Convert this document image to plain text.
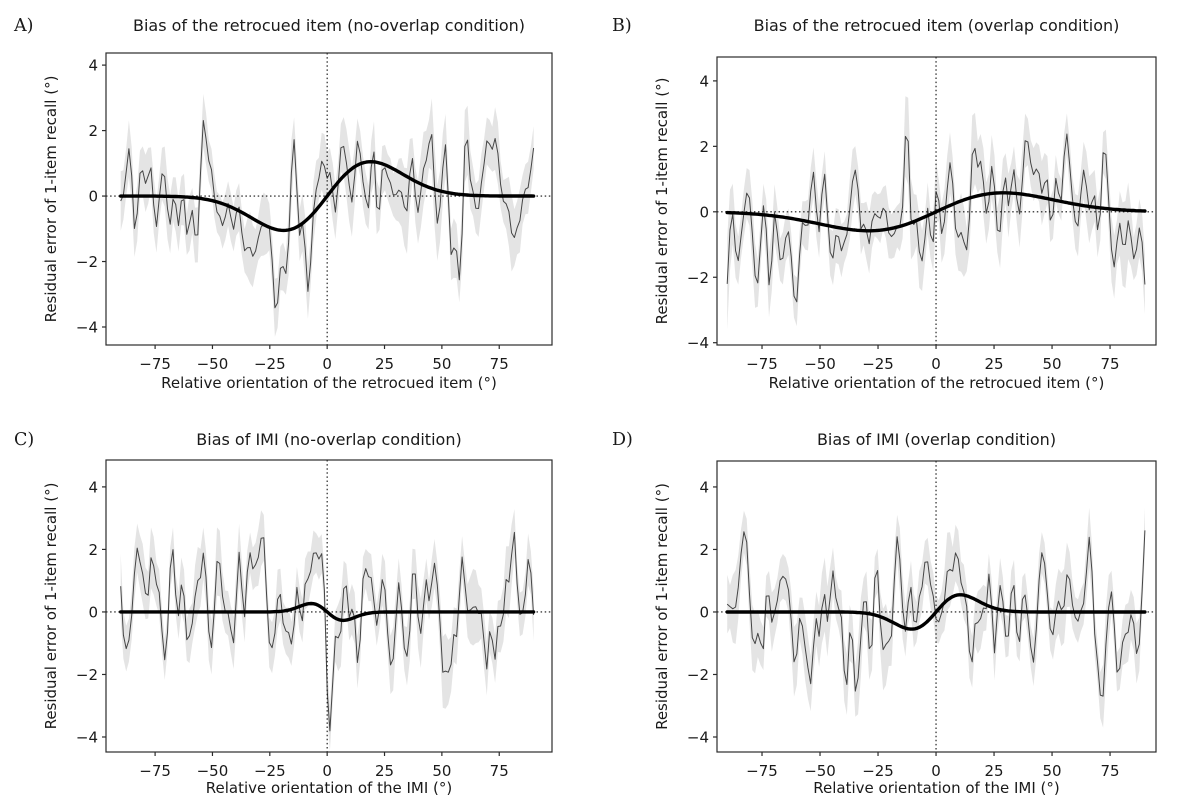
−75 −50 −25 0	25	50	75
−4
−2
0
2
4
Bias of the retrocued item (no-overlap condition)
A)
Relative orientation of the retrocued item (°)
Residual error of 1-item recall (°)
−75 −50 −25 0	25	50	75
−4
−2
0
2
4
Bias of the retrocued item (overlap condition)
B)
Relative orientation of the retrocued item (°)
Residual error of 1-item recall (°)
−75 −50 −25 0	25	50	75
−4
−2
0
2
4
Bias of IMI (no-overlap condition)
C)
Relative orientation of the IMI (°)
Residual error of 1-item recall (°)
−75 −50 −25 0	25	50	75
−4
−2
0
2
4
Bias of IMI (overlap condition)
D)
Relative orientation of the IMI (°)
Residual error of 1-item recall (°)
